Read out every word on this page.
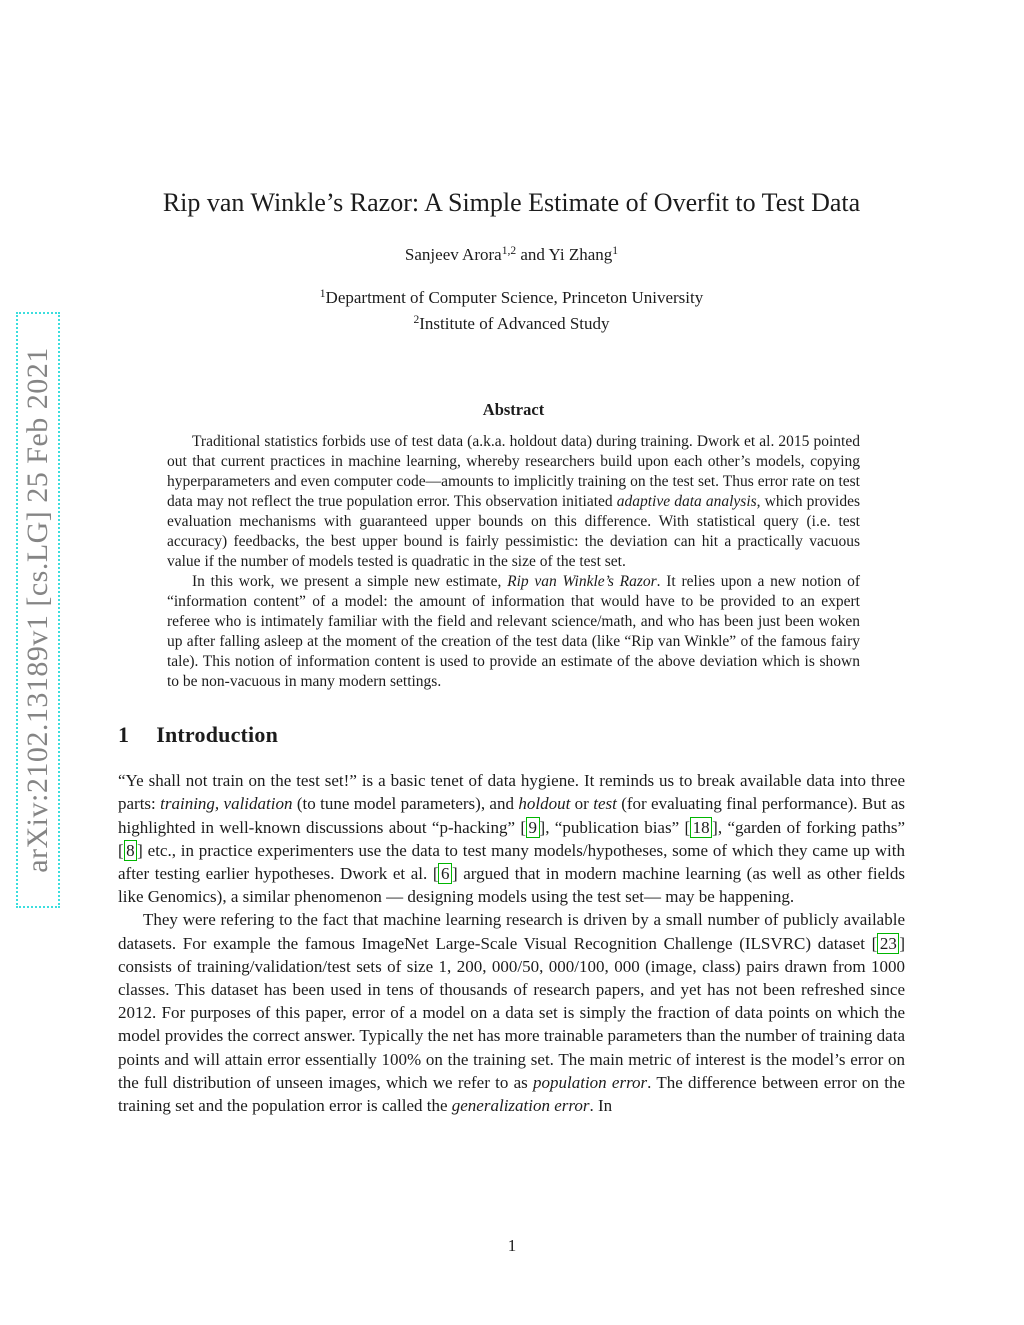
arXiv:2102.13189v1 [cs.LG] 25 Feb 2021
Rip van Winkle’s Razor: A Simple Estimate of Overfit to Test Data
Sanjeev Arora$^{1,2}$ and Yi Zhang$^1$
$^1$Department of Computer Science, Princeton University
$^2$Institute of Advanced Study
Abstract

Traditional statistics forbids use of test data (a.k.a. holdout data) during training. Dwork et al. 2015 pointed out that current practices in machine learning, whereby researchers build upon each other’s models, copying hyperparameters and even computer code—amounts to implicitly training on the test set. Thus error rate on test data may not reflect the true population error. This observation initiated adaptive data analysis, which provides evaluation mechanisms with guaranteed upper bounds on this difference. With statistical query (i.e. test accuracy) feedbacks, the best upper bound is fairly pessimistic: the deviation can hit a practically vacuous value if the number of models tested is quadratic in the size of the test set.

In this work, we present a simple new estimate, Rip van Winkle’s Razor. It relies upon a new notion of “information content” of a model: the amount of information that would have to be provided to an expert referee who is intimately familiar with the field and relevant science/math, and who has been just been woken up after falling asleep at the moment of the creation of the test data (like “Rip van Winkle” of the famous fairy tale). This notion of information content is used to provide an estimate of the above deviation which is shown to be non-vacuous in many modern settings.

1 Introduction

“Ye shall not train on the test set!” is a basic tenet of data hygiene. It reminds us to break available data into three parts: training, validation (to tune model parameters), and holdout or test (for evaluating final performance). But as highlighted in well-known discussions about “p-hacking” [ 9 ], “publication bias” [ 18 ], “garden of forking paths” [ 8 ] etc., in practice experimenters use the data to test many models/hypotheses, some of which they came up with after testing earlier hypotheses. Dwork et al. [ 6 ] argued that in modern machine learning (as well as other fields like Genomics), a similar phenomenon — designing models using the test set— may be happening.

They were refering to the fact that machine learning research is driven by a small number of publicly available datasets. For example the famous ImageNet Large-Scale Visual Recognition Challenge (ILSVRC) dataset [ 23 ] consists of training/validation/test sets of size 1, 200, 000/50, 000/100, 000 (image, class) pairs drawn from 1000 classes. This dataset has been used in tens of thousands of research papers, and yet has not been refreshed since 2012. For purposes of this paper, error of a model on a data set is simply the fraction of data points on which the model provides the correct answer. Typically the net has more trainable parameters than the number of training data points and will attain error essentially 100% on the training set. The main metric of interest is the model’s error on the full distribution of unseen images, which we refer to as population error. The difference between error on the training set and the population error is called the generalization error. In

1
